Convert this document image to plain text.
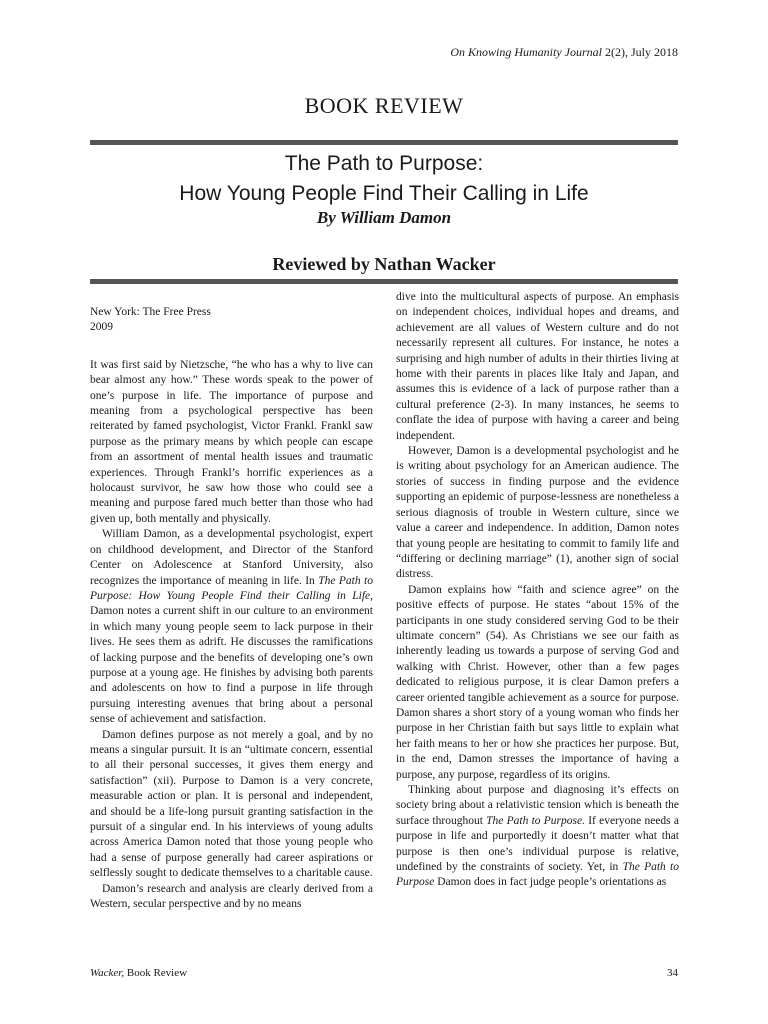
On Knowing Humanity Journal 2(2), July 2018
BOOK REVIEW
The Path to Purpose:
How Young People Find Their Calling in Life
By William Damon
Reviewed by Nathan Wacker
New York: The Free Press
2009

It was first said by Nietzsche, “he who has a why to live can bear almost any how.” These words speak to the power of one’s purpose in life. The importance of purpose and meaning from a psychological perspective has been reiterated by famed psychologist, Victor Frankl. Frankl saw purpose as the primary means by which people can escape from an assortment of mental health issues and traumatic experiences. Through Frankl’s horrific experiences as a holocaust survivor, he saw how those who could see a meaning and purpose fared much better than those who had given up, both mentally and physically.

William Damon, as a developmental psychologist, expert on childhood development, and Director of the Stanford Center on Adolescence at Stanford University, also recognizes the importance of meaning in life. In The Path to Purpose: How Young People Find their Calling in Life, Damon notes a current shift in our culture to an environment in which many young people seem to lack purpose in their lives. He sees them as adrift. He discusses the ramifications of lacking purpose and the benefits of developing one’s own purpose at a young age. He finishes by advising both parents and adolescents on how to find a purpose in life through pursuing interesting avenues that bring about a personal sense of achievement and satisfaction.

Damon defines purpose as not merely a goal, and by no means a singular pursuit. It is an “ultimate concern, essential to all their personal successes, it gives them energy and satisfaction” (xii). Purpose to Damon is a very concrete, measurable action or plan. It is personal and independent, and should be a life-long pursuit granting satisfaction in the pursuit of a singular end. In his interviews of young adults across America Damon noted that those young people who had a sense of purpose generally had career aspirations or selflessly sought to dedicate themselves to a charitable cause.

Damon’s research and analysis are clearly derived from a Western, secular perspective and by no means

dive into the multicultural aspects of purpose. An emphasis on independent choices, individual hopes and dreams, and achievement are all values of Western culture and do not necessarily represent all cultures. For instance, he notes a surprising and high number of adults in their thirties living at home with their parents in places like Italy and Japan, and assumes this is evidence of a lack of purpose rather than a cultural preference (2-3). In many instances, he seems to conflate the idea of purpose with having a career and being independent.

However, Damon is a developmental psychologist and he is writing about psychology for an American audience. The stories of success in finding purpose and the evidence supporting an epidemic of purpose-lessness are nonetheless a serious diagnosis of trouble in Western culture, since we value a career and independence. In addition, Damon notes that young people are hesitating to commit to family life and “differing or declining marriage” (1), another sign of social distress.

Damon explains how “faith and science agree” on the positive effects of purpose. He states “about 15% of the participants in one study considered serving God to be their ultimate concern” (54). As Christians we see our faith as inherently leading us towards a purpose of serving God and walking with Christ. However, other than a few pages dedicated to religious purpose, it is clear Damon prefers a career oriented tangible achievement as a source for purpose. Damon shares a short story of a young woman who finds her purpose in her Christian faith but says little to explain what her faith means to her or how she practices her purpose. But, in the end, Damon stresses the importance of having a purpose, any purpose, regardless of its origins.

Thinking about purpose and diagnosing it’s effects on society bring about a relativistic tension which is beneath the surface throughout The Path to Purpose. If everyone needs a purpose in life and purportedly it doesn’t matter what that purpose is then one’s individual purpose is relative, undefined by the constraints of society. Yet, in The Path to Purpose Damon does in fact judge people’s orientations as

Wacker, Book Review	34
